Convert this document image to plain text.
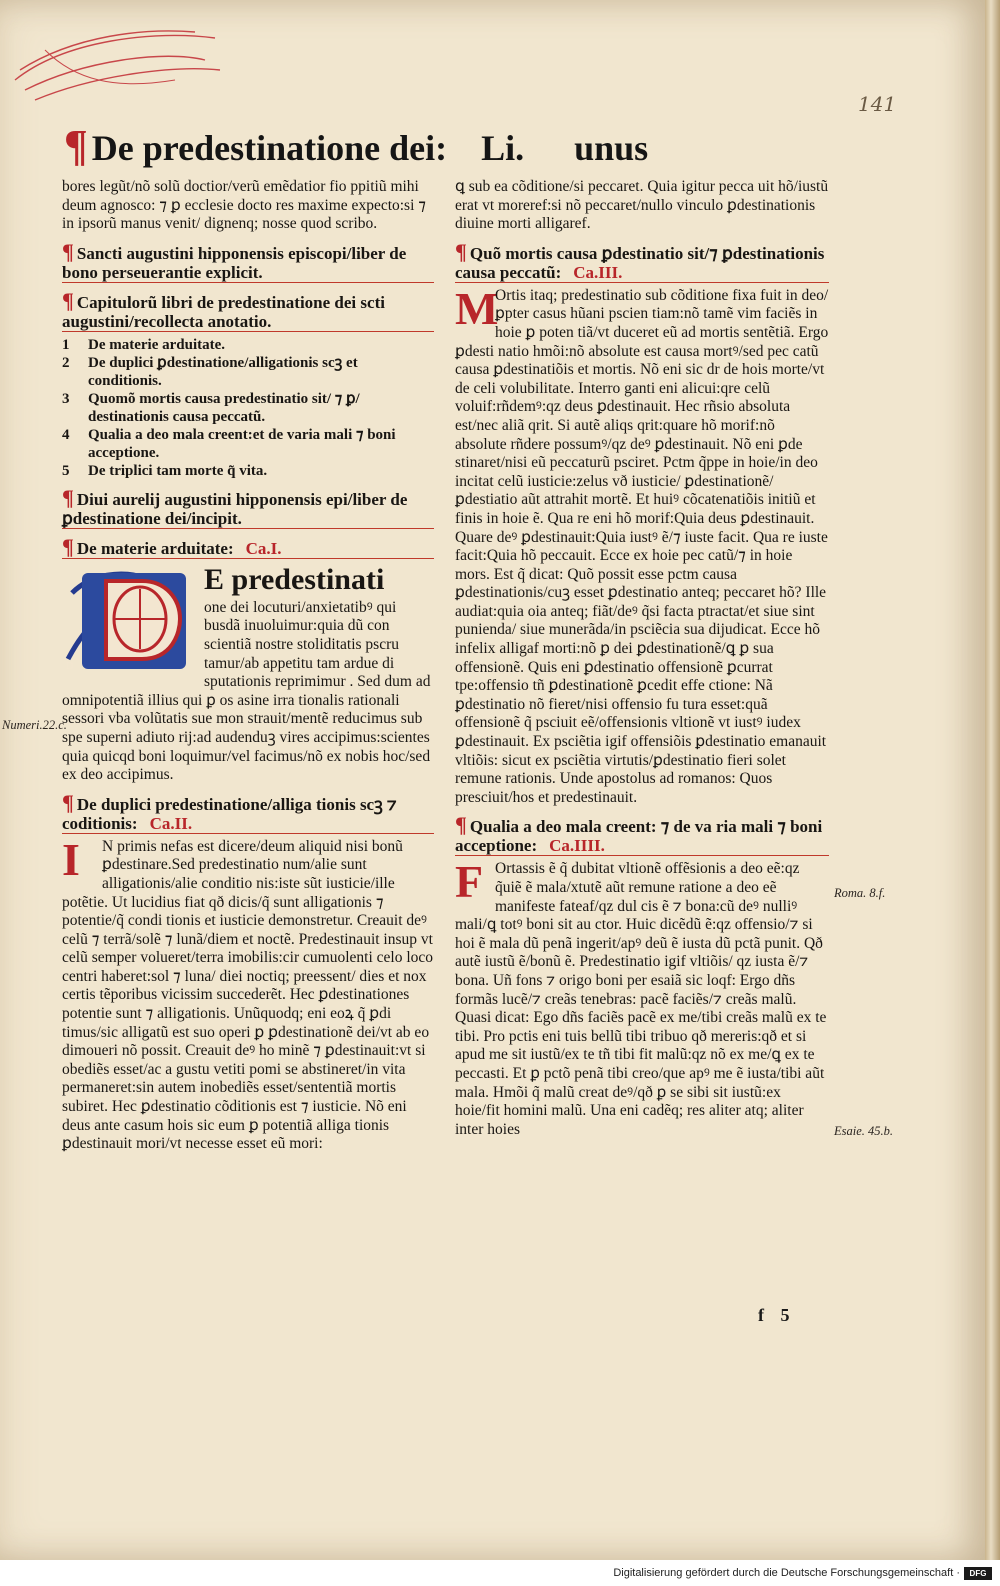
141
¶ De predestinatione dei: Li. unus

bores legũt/nõ solũ doctior/verũ emẽdatior fio ppitiũ mihi deum agnosco: ⁊ ꝑ ecclesie docto res maxime expecto:si ⁊ in ipsorũ manus venit/ dignenq; nosse quod scribo.

¶ Sancti augustini hipponensis episcopi/liber de bono perseuerantie explicit.
¶ Capitulorũ libri de predestinatione dei scti augustini/recollecta anotatio.
1	De materie arduitate.
2	De duplici ꝑdestinatione/alligationis scꝫ et conditionis.
3	Quomõ mortis causa predestinatio sit/ ⁊ ꝑ/ destinationis causa peccatũ.
4	Qualia a deo mala creent:et de varia mali ⁊ boni acceptione.
5	De triplici tam morte q̃ vita.
¶ Diui aurelij augustini hipponensis epi/liber de ꝑdestinatione dei/incipit.
¶ De materie arduitate: Ca.I.
D
E predestinati

one dei locuturi/anxietatibꝰ qui busdã inuoluimur:quia dũ con scientiã nostre stoliditatis pscru tamur/ab appetitu tam ardue di sputationis reprimimur . Sed dum ad omnipotentiã illius qui ꝑ os asine irra tionalis rationali sessori vba volũtatis sue mon strauit/mentẽ reducimus sub spe superni adiuto rij:ad audenduꝫ vires accipimus:scientes quia quicqd boni loquimur/vel facimus/nõ ex nobis hoc/sed ex deo accipimus.

¶ De duplici predestinatione/alliga tionis scꝫ ⁊ coditionis: Ca.II.
I	N primis nefas est dicere/deum aliquid nisi bonũ ꝑdestinare.Sed predestinatio num/alie sunt alligationis/alie conditio nis:iste sũt iusticie/ille potẽtie. Ut lucidius fiat qð dicis/q̃ sunt alligationis ⁊ potentie/q̃ condi tionis et iusticie demonstretur. Creauit deꝰ celũ ⁊ terrã/solẽ ⁊ lunã/diem et noctẽ. Predestinauit insup vt celũ semper volueret/terra imobilis:cir cumuolenti celo loco centri haberet:sol ⁊ luna/ diei noctiq; preessent/ dies et nox certis tẽporibus vicissim succederẽt. Hec ꝑdestinationes potentie sunt ⁊ alligationis. Unũquodq; eni eoꝝ q̃ ꝑdi timus/sic alligatũ est suo operi ꝑ ꝑdestinationẽ dei/vt ab eo dimoueri nõ possit. Creauit deꝰ ho minẽ ⁊ ꝑdestinauit:vt si obediẽs esset/ac a gustu vetiti pomi se abstineret/in vita permaneret:sin autem inobediẽs esset/sententiã mortis subiret. Hec ꝑdestinatio cõditionis est ⁊ iusticie. Nõ eni deus ante casum hois sic eum ꝑ potentiã alliga tionis ꝑdestinauit mori/vt necesse esset eũ mori:

ꝗ sub ea cõditione/si peccaret. Quia igitur pecca uit hõ/iustũ erat vt moreref:si nõ peccaret/nullo vinculo ꝑdestinationis diuine morti alligaref.

¶ Quõ mortis causa ꝑdestinatio sit/⁊ ꝑdestinationis causa peccatũ: Ca.III.
M

Ortis itaq; predestinatio sub cõditione fixa fuit in deo/ꝑpter casus hũani pscien tiam:nõ tamẽ vim faciẽs in hoie ꝑ poten tiã/vt duceret eũ ad mortis sentẽtiã. Ergo ꝑdesti natio hmõi:nõ absolute est causa mortꝰ/sed pec catũ causa ꝑdestinatiõis et mortis. Nõ eni sic dr de hois morte/vt de celi volubilitate. Interro ganti eni alicui:qre celũ voluif:rñdemꝰ:qz deus ꝑdestinauit. Hec rñsio absoluta est/nec aliã qrit. Si autẽ aliqs qrit:quare hõ morif:nõ absolute rñdere possumꝰ/qz deꝰ ꝑdestinauit. Nõ eni ꝑde stinaret/nisi eũ peccaturũ psciret. Pctm q̃ppe in hoie/in deo incitat celũ iusticie:zelus vð iusticie/ ꝑdestinationẽ/ꝑdestiatio aũt attrahit mortẽ. Et huiꝰ cõcatenatiõis initiũ et finis in hoie ẽ. Qua re eni hõ morif:Quia deus ꝑdestinauit. Quare deꝰ ꝑdestinauit:Quia iustꝰ ẽ/⁊ iuste facit. Qua re iuste facit:Quia hõ peccauit. Ecce ex hoie pec catũ/⁊ in hoie mors. Est q̃ dicat: Quõ possit esse pctm causa ꝑdestinationis/cuꝫ esset ꝑdestinatio anteq; peccaret hõ? Ille audiat:quia oia anteq; fiãt/deꝰ q̃si facta ptractat/et siue sint punienda/ siue munerãda/in psciẽcia sua dijudicat. Ecce hõ infelix alligaf morti:nõ ꝑ dei ꝑdestinationẽ/ꝗ ꝑ sua offensionẽ. Quis eni ꝑdestinatio offensionẽ ꝑcurrat tpe:offensio tñ ꝑdestinationẽ ꝑcedit effe ctione: Nã ꝑdestinatio nõ fieret/nisi offensio fu tura esset:quã offensionẽ q̃ psciuit eẽ/offensionis vltionẽ vt iustꝰ iudex ꝑdestinauit. Ex psciẽtia igif offensiõis ꝑdestinatio emanauit vltiõis: sicut ex psciẽtia virtutis/ꝑdestinatio fieri solet remune rationis. Unde apostolus ad romanos: Quos presciuit/hos et predestinauit.

¶ Qualia a deo mala creent: ⁊ de va ria mali ⁊ boni acceptione: Ca.IIII.
F Ortassis ẽ q̃ dubitat vltionẽ offẽsionis a deo eẽ:qz q̃uiẽ ẽ mala/xtutẽ aũt remune ratione a deo eẽ manifeste fateaf/qz dul cis ẽ ⁊ bona:cũ deꝰ nulliꝰ mali/ꝗ totꝰ boni sit au ctor. Huic dicẽdũ ẽ:qz offensio/⁊ si hoi ẽ mala dũ penã ingerit/apꝰ deũ ẽ iusta dũ pctã punit. Qð autẽ iustũ ẽ/bonũ ẽ. Predestinatio igif vltiõis/ qz iusta ẽ/⁊ bona. Uñ fons ⁊ origo boni per esaiã sic loqf: Ergo dñs formãs lucẽ/⁊ creãs tenebras: pacẽ faciẽs/⁊ creãs malũ. Quasi dicat: Ego dñs faciẽs pacẽ ex me/tibi creãs malũ ex te tibi. Pro pctis eni tuis bellũ tibi tribuo qð mereris:qð et si apud me sit iustũ/ex te tñ tibi fit malũ:qz nõ ex me/ꝗ ex te peccasti. Et ꝑ pctõ penã tibi creo/que apꝰ me ẽ iusta/tibi aũt mala. Hmõi q̃ malũ creat deꝰ/qð ꝑ se sibi sit iustũ:ex hoie/fit homini malũ. Una eni cadẽq; res aliter atq; aliter inter hoies

Numeri.22.c.
Roma. 8.f.
Esaie. 45.b.
f 5
Digitalisierung gefördert durch die Deutsche Forschungsgemeinschaft ·	DFG
